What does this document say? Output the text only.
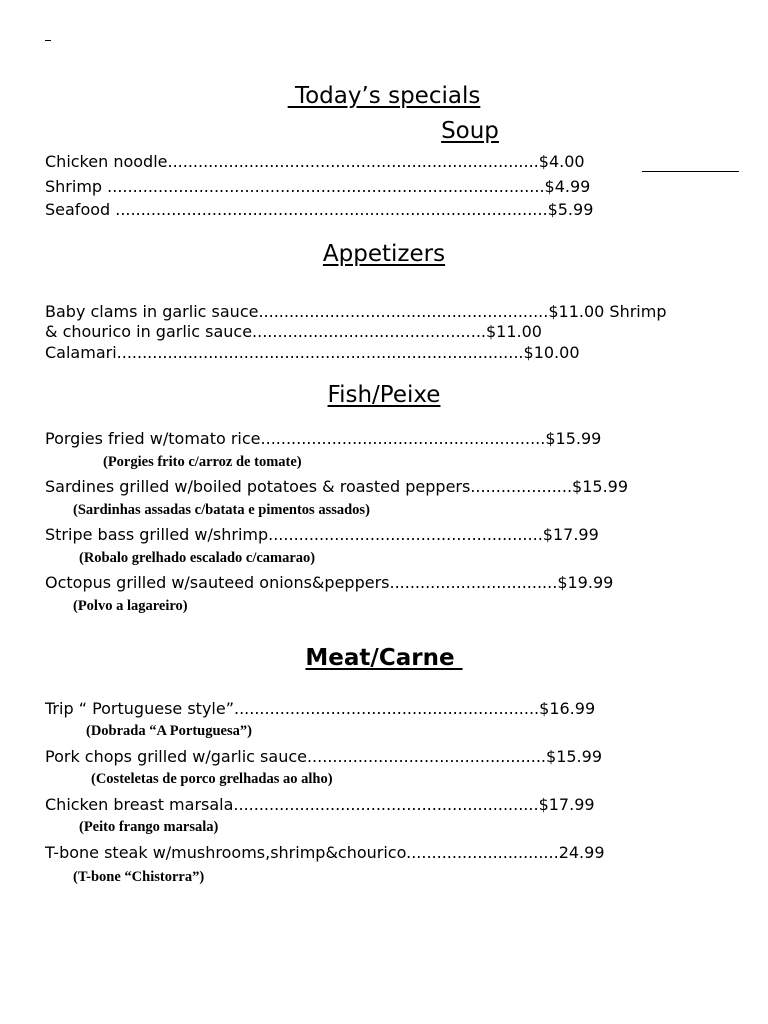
Today’s specials
Soup
Chicken noodle.........................................................................$4.00
Shrimp ......................................................................................$4.99
Seafood .....................................................................................$5.99
Appetizers
Baby clams in garlic sauce.........................................................$11.00 Shrimp
& chourico in garlic sauce..............................................$11.00
Calamari................................................................................$10.00
Fish/Peixe
Porgies fried w/tomato rice........................................................$15.99
(Porgies frito c/arroz de tomate)
Sardines grilled w/boiled potatoes & roasted peppers....................$15.99
(Sardinhas assadas c/batata e pimentos assados)
Stripe bass grilled w/shrimp......................................................$17.99
(Robalo grelhado escalado c/camarao)
Octopus grilled w/sauteed onions&peppers.................................$19.99
(Polvo a lagareiro)
Meat/Carne
Trip “ Portuguese style”............................................................$16.99
(Dobrada “A Portuguesa”)
Pork chops grilled w/garlic sauce...............................................$15.99
(Costeletas de porco grelhadas ao alho)
Chicken breast marsala............................................................$17.99
(Peito frango marsala)
T-bone steak w/mushrooms,shrimp&chourico..............................24.99
(T-bone “Chistorra”)
